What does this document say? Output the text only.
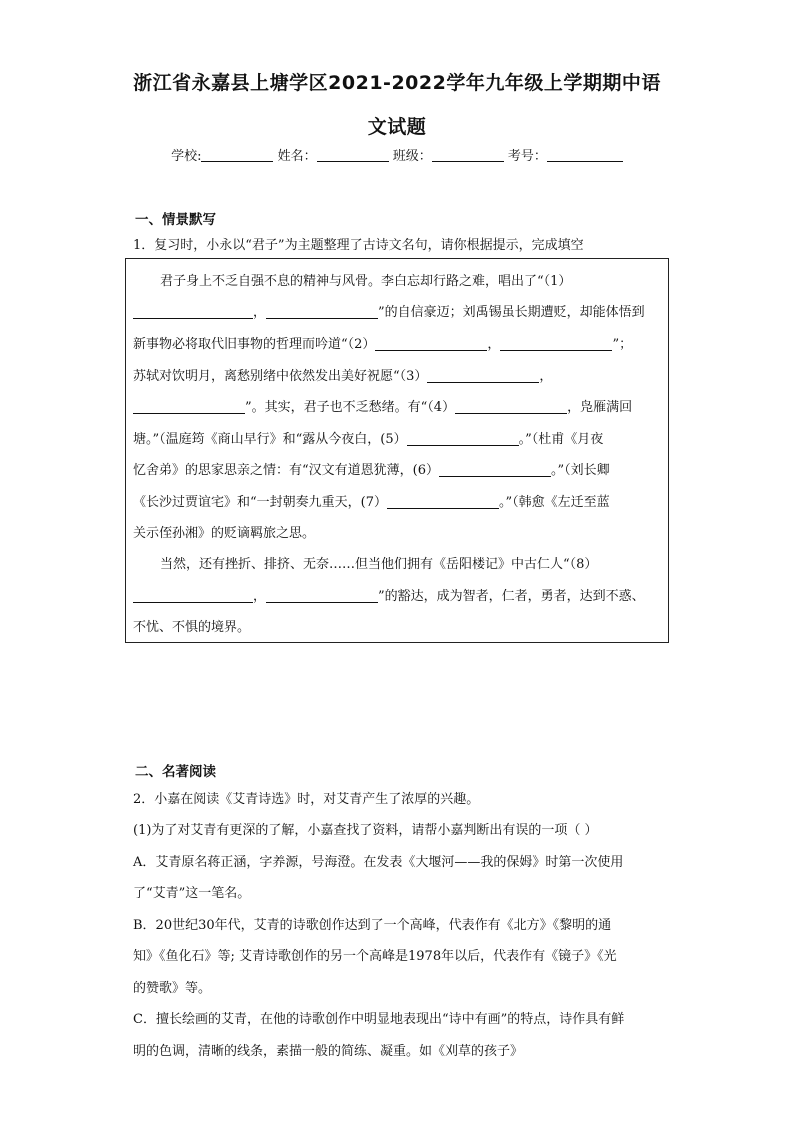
浙江省永嘉县上塘学区2021-2022学年九年级上学期期中语
文试题
学校:	姓名：	班级：	考号：
一、情景默写
1．复习时，小永以“君子”为主题整理了古诗文名句，请你根据提示，完成填空
君子身上不乏自强不息的精神与风骨。李白忘却行路之难，唱出了“（1）
，	”的自信豪迈；刘禹锡虽长期遭贬，却能体悟到
新事物必将取代旧事物的哲理而吟道“（2）	，	”；
苏轼对饮明月，离愁别绪中依然发出美好祝愿“（3）	，
”。其实，君子也不乏愁绪。有“（4）	，凫雁满回
塘。”（温庭筠《商山早行》和“露从今夜白，(5）	。”（杜甫《月夜
忆舍弟》的思家思亲之情：有“汉文有道恩犹薄，(6）	。”（刘长卿
《长沙过贾谊宅》和“一封朝奏九重天，(7）	。”（韩愈《左迁至蓝
关示侄孙湘》的贬谪羁旅之思。
当然，还有挫折、排挤、无奈……但当他们拥有《岳阳楼记》中古仁人“（8）
，	”的豁达，成为智者，仁者，勇者，达到不惑、
不忧、不惧的境界。
二、名著阅读
2．小嘉在阅读《艾青诗选》时，对艾青产生了浓厚的兴趣。
(1)为了对艾青有更深的了解，小嘉查找了资料，请帮小嘉判断出有误的一项（ ）
A．艾青原名蒋正涵，字养源，号海澄。在发表《大堰河——我的保姆》时第一次使用
了“艾青”这一笔名。
B．20世纪30年代，艾青的诗歌创作达到了一个高峰，代表作有《北方》《黎明的通
知》《鱼化石》等; 艾青诗歌创作的另一个高峰是1978年以后，代表作有《镜子》《光
的赞歌》等。
C．擅长绘画的艾青，在他的诗歌创作中明显地表现出“诗中有画”的特点，诗作具有鲜
明的色调，清晰的线条，素描一般的简练、凝重。如《刈草的孩子》
